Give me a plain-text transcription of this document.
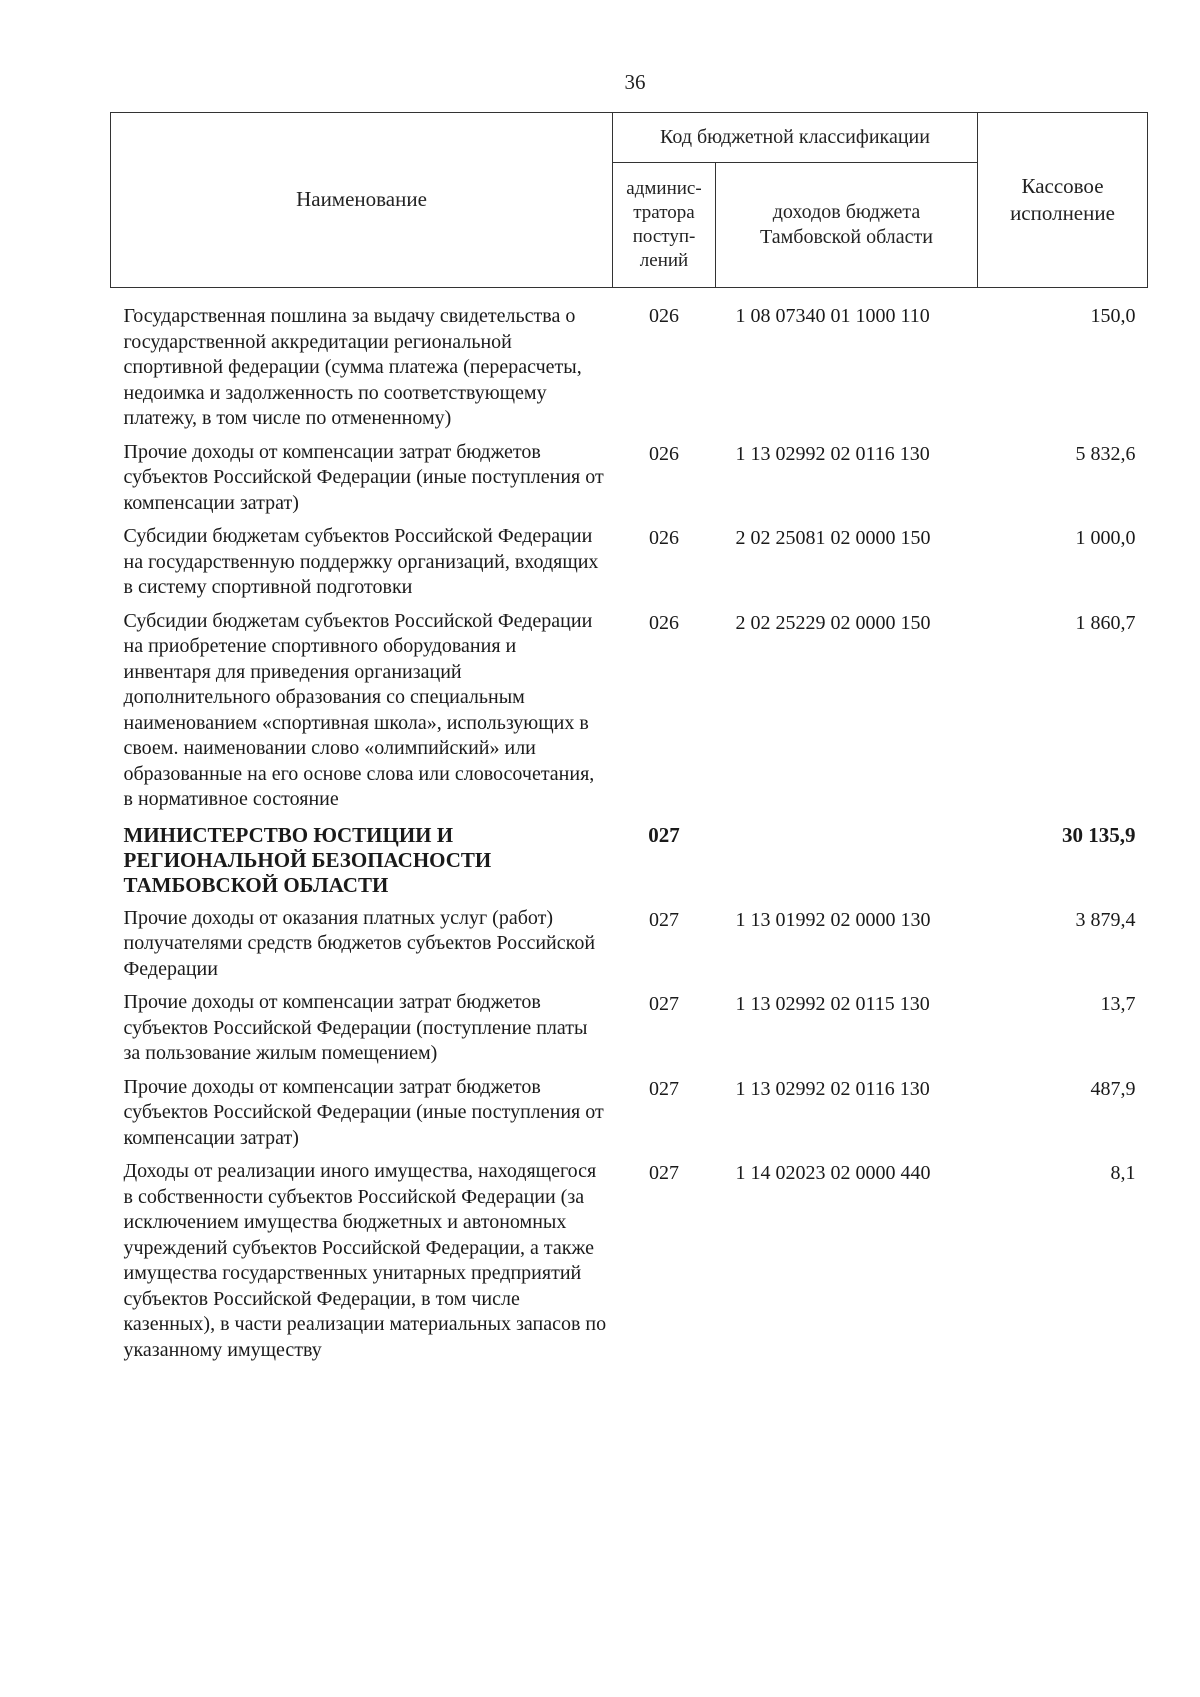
36
Наименование	Код бюджетной классификации		Кассовое исполнение
	админис-тратора поступ-лений	доходов бюджета Тамбовской области	
Государственная пошлина за выдачу свидетельства о государственной аккредитации региональной спортивной федерации (сумма платежа (перерасчеты, недоимка и задолженность по соответствующему платежу, в том числе по отмененному)	026	1 08 07340 01 1000 110	150,0
Прочие доходы от компенсации затрат бюджетов субъектов Российской Федерации (иные поступления от компенсации затрат)	026	1 13 02992 02 0116 130	5 832,6
Субсидии бюджетам субъектов Российской Федерации на государственную поддержку организаций, входящих в систему спортивной подготовки	026	2 02 25081 02 0000 150	1 000,0
Субсидии бюджетам субъектов Российской Федерации на приобретение спортивного оборудования и инвентаря для приведения организаций дополнительного образования со специальным наименованием «спортивная школа», использующих в своем. наименовании слово «олимпийский» или образованные на его основе слова или словосочетания, в нормативное состояние	026	2 02 25229 02 0000 150	1 860,7
МИНИСТЕРСТВО ЮСТИЦИИ И РЕГИОНАЛЬНОЙ БЕЗОПАСНОСТИ ТАМБОВСКОЙ ОБЛАСТИ	027		30 135,9
Прочие доходы от оказания платных услуг (работ) получателями средств бюджетов субъектов Российской Федерации	027	1 13 01992 02 0000 130	3 879,4
Прочие доходы от компенсации затрат бюджетов субъектов Российской Федерации (поступление платы за пользование жилым помещением)	027	1 13 02992 02 0115 130	13,7
Прочие доходы от компенсации затрат бюджетов субъектов Российской Федерации (иные поступления от компенсации затрат)	027	1 13 02992 02 0116 130	487,9
Доходы от реализации иного имущества, находящегося в собственности субъектов Российской Федерации (за исключением имущества бюджетных и автономных учреждений субъектов Российской Федерации, а также имущества государственных унитарных предприятий субъектов Российской Федерации, в том числе казенных), в части реализации материальных запасов по указанному имуществу	027	1 14 02023 02 0000 440	8,1
